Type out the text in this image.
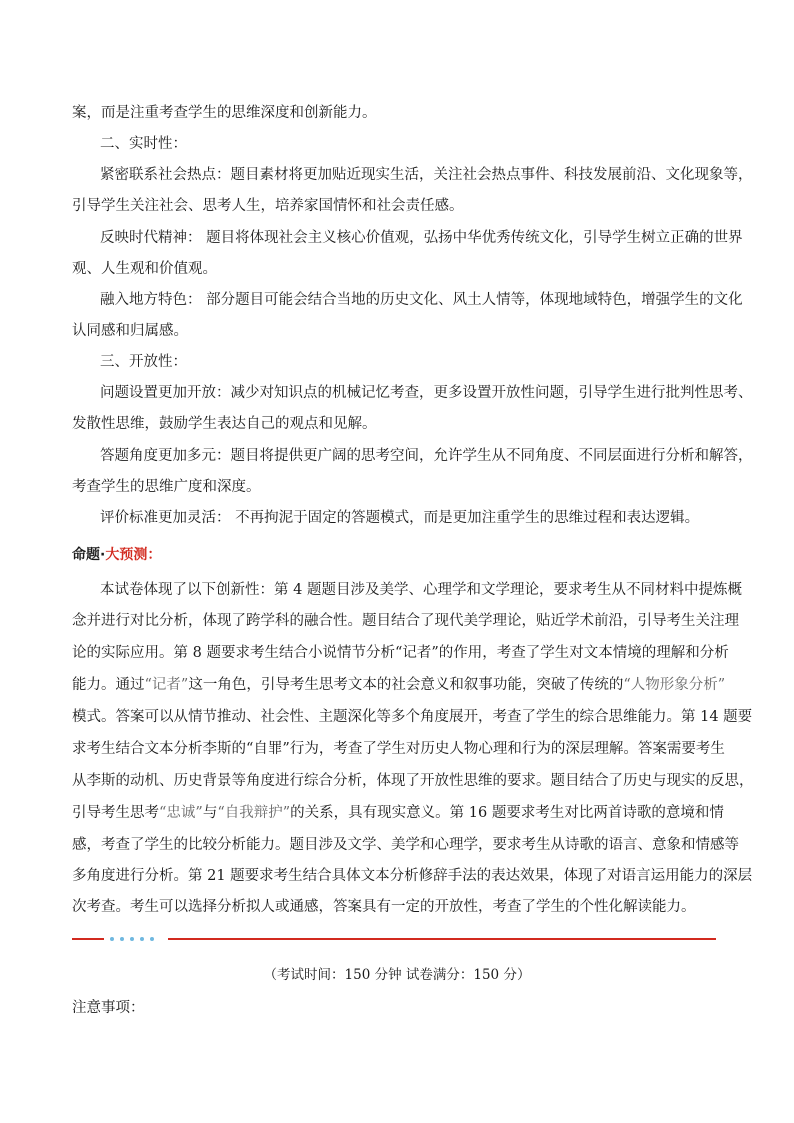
案，而是注重考查学生的思维深度和创新能力。
二、实时性：
紧密联系社会热点：题目素材将更加贴近现实生活，关注社会热点事件、科技发展前沿、文化现象等，
引导学生关注社会、思考人生，培养家国情怀和社会责任感。
反映时代精神： 题目将体现社会主义核心价值观，弘扬中华优秀传统文化，引导学生树立正确的世界
观、人生观和价值观。
融入地方特色： 部分题目可能会结合当地的历史文化、风土人情等，体现地域特色，增强学生的文化
认同感和归属感。
三、开放性：
问题设置更加开放：减少对知识点的机械记忆考查，更多设置开放性问题，引导学生进行批判性思考、
发散性思维，鼓励学生表达自己的观点和见解。
答题角度更加多元：题目将提供更广阔的思考空间，允许学生从不同角度、不同层面进行分析和解答，
考查学生的思维广度和深度。
评价标准更加灵活： 不再拘泥于固定的答题模式，而是更加注重学生的思维过程和表达逻辑。
命题·大预测：
本试卷体现了以下创新性：第 4 题题目涉及美学、心理学和文学理论，要求考生从不同材料中提炼概
念并进行对比分析，体现了跨学科的融合性。题目结合了现代美学理论，贴近学术前沿，引导考生关注理
论的实际应用。第 8 题要求考生结合小说情节分析“记者”的作用，考查了学生对文本情境的理解和分析
能力。通过“记者”这一角色，引导考生思考文本的社会意义和叙事功能，突破了传统的“人物形象分析”
模式。答案可以从情节推动、社会性、主题深化等多个角度展开，考查了学生的综合思维能力。第 14 题要
求考生结合文本分析李斯的“自罪”行为，考查了学生对历史人物心理和行为的深层理解。答案需要考生
从李斯的动机、历史背景等角度进行综合分析，体现了开放性思维的要求。题目结合了历史与现实的反思，
引导考生思考“忠诚”与“自我辩护”的关系，具有现实意义。第 16 题要求考生对比两首诗歌的意境和情
感，考查了学生的比较分析能力。题目涉及文学、美学和心理学，要求考生从诗歌的语言、意象和情感等
多角度进行分析。第 21 题要求考生结合具体文本分析修辞手法的表达效果，体现了对语言运用能力的深层
次考查。考生可以选择分析拟人或通感，答案具有一定的开放性，考查了学生的个性化解读能力。
（考试时间：150 分钟 试卷满分：150 分）
注意事项：
